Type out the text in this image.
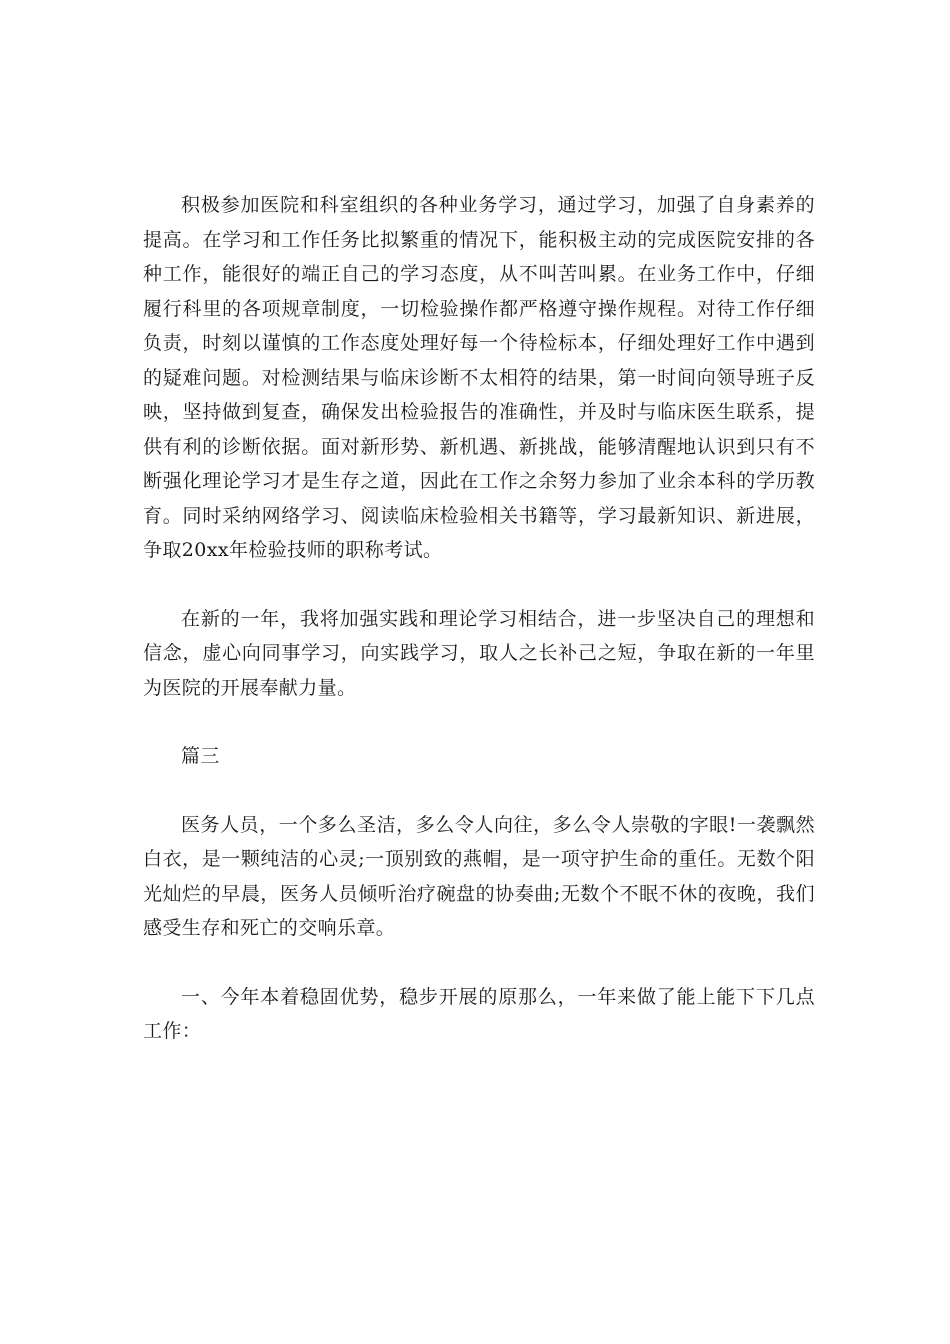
积极参加医院和科室组织的各种业务学习，通过学习，加强了自身素养的提高。在学习和工作任务比拟繁重的情况下，能积极主动的完成医院安排的各种工作，能很好的端正自己的学习态度，从不叫苦叫累。在业务工作中，仔细履行科里的各项规章制度，一切检验操作都严格遵守操作规程。对待工作仔细负责，时刻以谨慎的工作态度处理好每一个待检标本，仔细处理好工作中遇到的疑难问题。对检测结果与临床诊断不太相符的结果，第一时间向领导班子反映，坚持做到复查，确保发出检验报告的准确性，并及时与临床医生联系，提供有利的诊断依据。面对新形势、新机遇、新挑战，能够清醒地认识到只有不断强化理论学习才是生存之道，因此在工作之余努力参加了业余本科的学历教育。同时采纳网络学习、阅读临床检验相关书籍等，学习最新知识、新进展，争取20xx年检验技师的职称考试。

在新的一年，我将加强实践和理论学习相结合，进一步坚决自己的理想和信念，虚心向同事学习，向实践学习，取人之长补己之短，争取在新的一年里为医院的开展奉献力量。

篇三

医务人员，一个多么圣洁，多么令人向往，多么令人崇敬的字眼!一袭飘然白衣，是一颗纯洁的心灵;一顶别致的燕帽，是一项守护生命的重任。无数个阳光灿烂的早晨，医务人员倾听治疗碗盘的协奏曲;无数个不眠不休的夜晚，我们感受生存和死亡的交响乐章。

一、今年本着稳固优势，稳步开展的原那么，一年来做了能上能下下几点工作：
